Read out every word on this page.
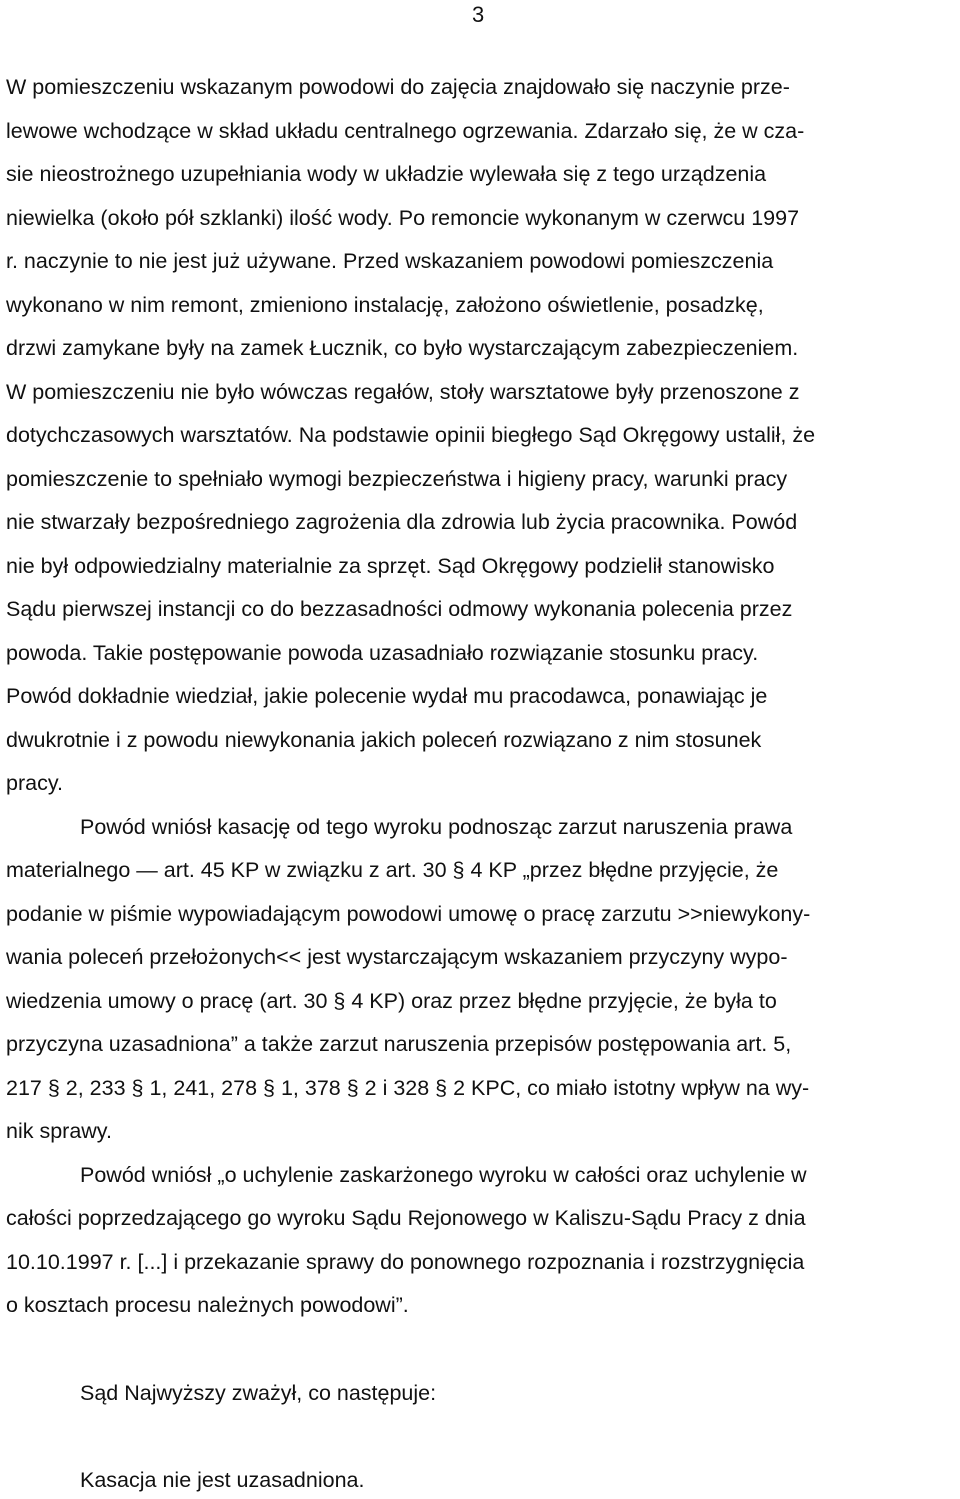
3
W pomieszczeniu wskazanym powodowi do zajęcia znajdowało się naczynie prze-
lewowe wchodzące w skład układu centralnego ogrzewania. Zdarzało się, że w cza-
sie nieostrożnego uzupełniania wody w układzie wylewała się z tego urządzenia
niewielka (około pół szklanki) ilość wody. Po remoncie wykonanym w czerwcu 1997
r. naczynie to nie jest już używane. Przed wskazaniem powodowi pomieszczenia
wykonano w nim remont, zmieniono instalację, założono oświetlenie, posadzkę,
drzwi zamykane były na zamek Łucznik, co było wystarczającym zabezpieczeniem.
W pomieszczeniu nie było wówczas regałów, stoły warsztatowe były przenoszone z
dotychczasowych warsztatów. Na podstawie opinii biegłego Sąd Okręgowy ustalił, że
pomieszczenie to spełniało wymogi bezpieczeństwa i higieny pracy, warunki pracy
nie stwarzały bezpośredniego zagrożenia dla zdrowia lub życia pracownika. Powód
nie był odpowiedzialny materialnie za sprzęt. Sąd Okręgowy podzielił stanowisko
Sądu pierwszej instancji co do bezzasadności odmowy wykonania polecenia przez
powoda. Takie postępowanie powoda uzasadniało rozwiązanie stosunku pracy.
Powód dokładnie wiedział, jakie polecenie wydał mu pracodawca, ponawiając je
dwukrotnie i z powodu niewykonania jakich poleceń rozwiązano z nim stosunek
pracy.
Powód wniósł kasację od tego wyroku podnosząc zarzut naruszenia prawa
materialnego — art. 45 KP w związku z art. 30 § 4 KP „przez błędne przyjęcie, że
podanie w piśmie wypowiadającym powodowi umowę o pracę zarzutu >>niewykony-
wania poleceń przełożonych<< jest wystarczającym wskazaniem przyczyny wypo-
wiedzenia umowy o pracę (art. 30 § 4 KP) oraz przez błędne przyjęcie, że była to
przyczyna uzasadniona” a także zarzut naruszenia przepisów postępowania art. 5,
217 § 2, 233 § 1, 241, 278 § 1, 378 § 2 i 328 § 2 KPC, co miało istotny wpływ na wy-
nik sprawy.
Powód wniósł „o uchylenie zaskarżonego wyroku w całości oraz uchylenie w
całości poprzedzającego go wyroku Sądu Rejonowego w Kaliszu-Sądu Pracy z dnia
10.10.1997 r. [...] i przekazanie sprawy do ponownego rozpoznania i rozstrzygnięcia
o kosztach procesu należnych powodowi”.
Sąd Najwyższy zważył, co następuje:
Kasacja nie jest uzasadniona.
